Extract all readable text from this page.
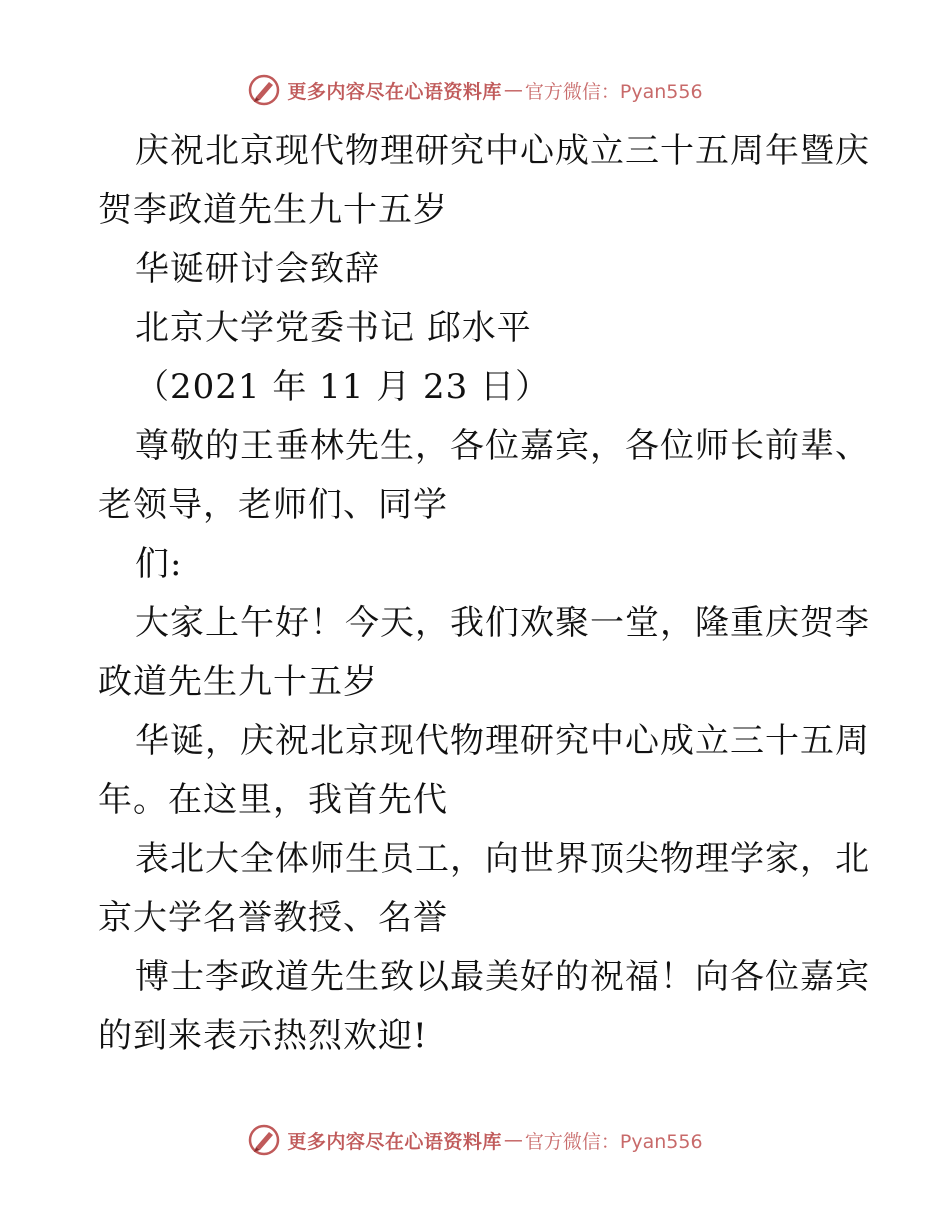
更多内容尽在心语资料库 — 官方微信：Pyan556
庆祝北京现代物理研究中心成立三十五周年暨庆
贺李政道先生九十五岁
华诞研讨会致辞
北京大学党委书记 邱水平
（2021 年 11 月 23 日）
尊敬的王垂林先生，各位嘉宾，各位师长前辈、
老领导，老师们、同学
们:
大家上午好！今天，我们欢聚一堂，隆重庆贺李
政道先生九十五岁
华诞，庆祝北京现代物理研究中心成立三十五周
年。在这里，我首先代
表北大全体师生员工，向世界顶尖物理学家，北
京大学名誉教授、名誉
博士李政道先生致以最美好的祝福！向各位嘉宾
的到来表示热烈欢迎!
更多内容尽在心语资料库 — 官方微信：Pyan556
